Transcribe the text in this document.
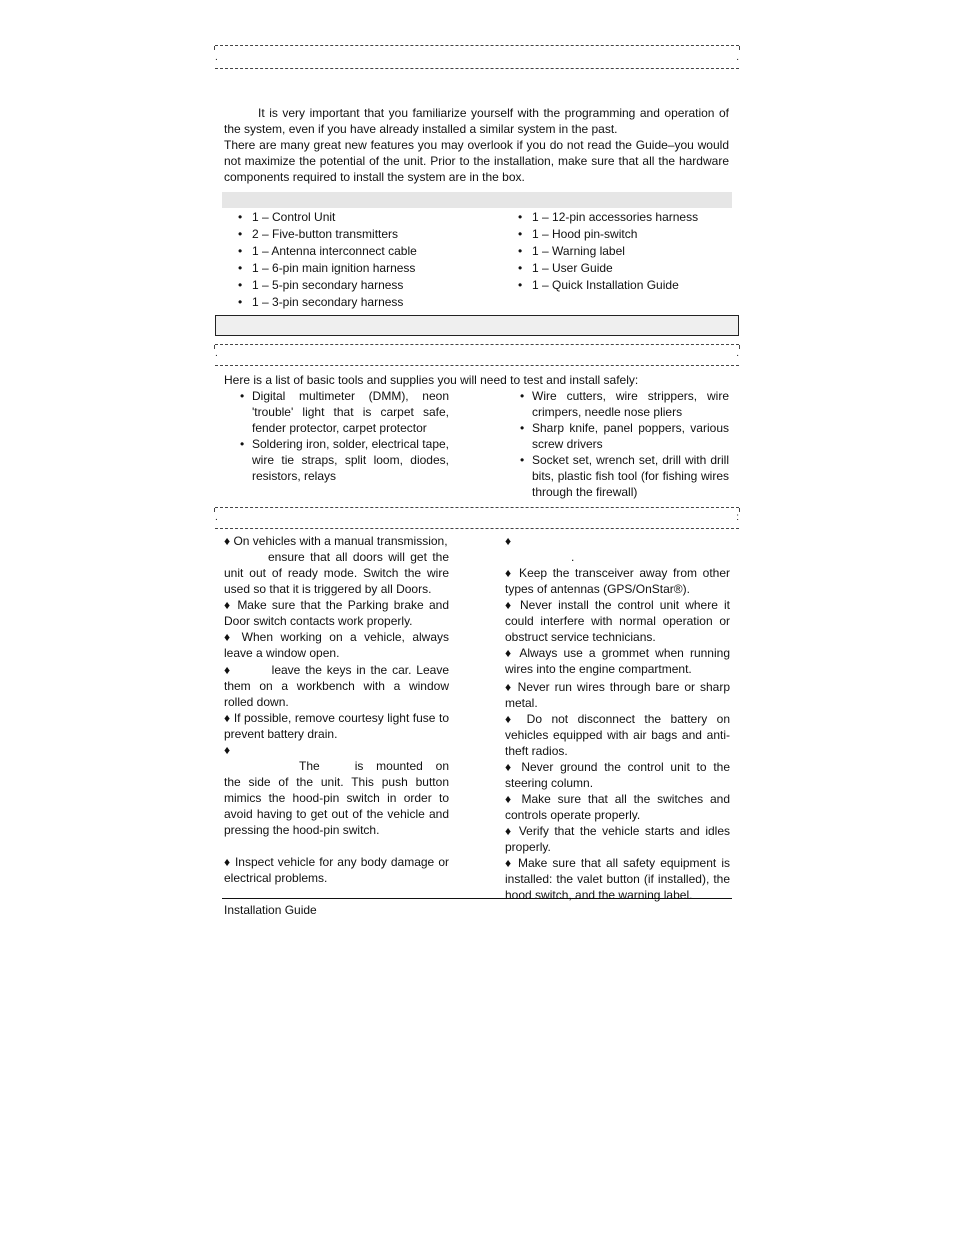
.	.

It is very important that you familiarize yourself with the programming and operation of the system, even if you have already installed a similar system in the past.

There are many great new features you may overlook if you do not read the Guide–you would not maximize the potential of the unit. Prior to the installation, make sure that all the hardware components required to install the system are in the box.

• 1 – Control Unit
• 2 – Five-button transmitters
• 1 – Antenna interconnect cable
• 1 – 6-pin main ignition harness
• 1 – 5-pin secondary harness
• 1 – 3-pin secondary harness
• 1 – 12-pin accessories harness
• 1 – Hood pin-switch
• 1 – Warning label
• 1 – User Guide
• 1 – Quick Installation Guide
.	.
Here is a list of basic tools and supplies you will need to test and install safely:
• Digital multimeter (DMM), neon 'trouble' light that is carpet safe, fender protector, carpet protector
• Soldering iron, solder, electrical tape, wire tie straps, split loom, diodes, resistors, relays
• Wire cutters, wire strippers, wire crimpers, needle nose pliers
• Sharp knife, panel poppers, various screw drivers
• Socket set, wrench set, drill with drill bits, plastic fish tool (for fishing wires through the firewall)
.	:

♦ On vehicles with a manual transmission,

ensure that all doors will get the unit out of ready mode. Switch the wire used so that it is triggered by all Doors.

♦ Make sure that the Parking brake and Door switch contacts work properly.

♦ When working on a vehicle, always leave a window open.

♦	leave the keys in the car. Leave them on a workbench with a window rolled down.

♦ If possible, remove courtesy light fuse to prevent battery drain.

♦

The	is mounted on the side of the unit. This push button mimics the hood-pin switch in order to avoid having to get out of the vehicle and pressing the hood-pin switch.

♦ Inspect vehicle for any body damage or electrical problems.

♦

.

♦ Keep the transceiver away from other types of antennas (GPS/OnStar®).

♦ Never install the control unit where it could interfere with normal operation or obstruct service technicians.

♦ Always use a grommet when running wires into the engine compartment.

♦ Never run wires through bare or sharp metal.

♦ Do not disconnect the battery on vehicles equipped with air bags and anti-theft radios.

♦ Never ground the control unit to the steering column.

♦ Make sure that all the switches and controls operate properly.

♦ Verify that the vehicle starts and idles properly.

♦ Make sure that all safety equipment is installed: the valet button (if installed), the hood switch, and the warning label.

Installation Guide
